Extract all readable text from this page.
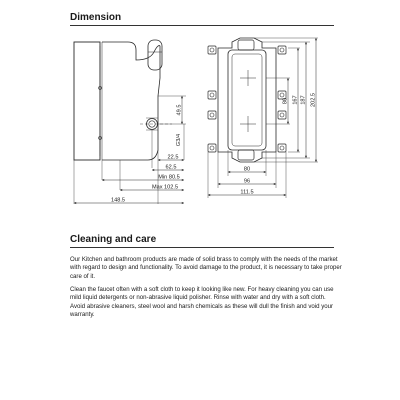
Dimension
49.5
G3/4
22.5
62.5
Min 80.5
Max 102.5
148.5
80 167 187 202.5
80
96
111.5
Cleaning and care

Our Kitchen and bathroom products are made of solid brass to comply with the needs of the market with regard to design and functionality. To avoid damage to the product, it is necessary to take proper care of it.

Clean the faucet often with a soft cloth to keep it looking like new. For heavy cleaning you can use mild liquid detergents or non-abrasive liquid polisher. Rinse with water and dry with a soft cloth. Avoid abrasive cleaners, steel wool and harsh chemicals as these will dull the finish and void your warranty.
